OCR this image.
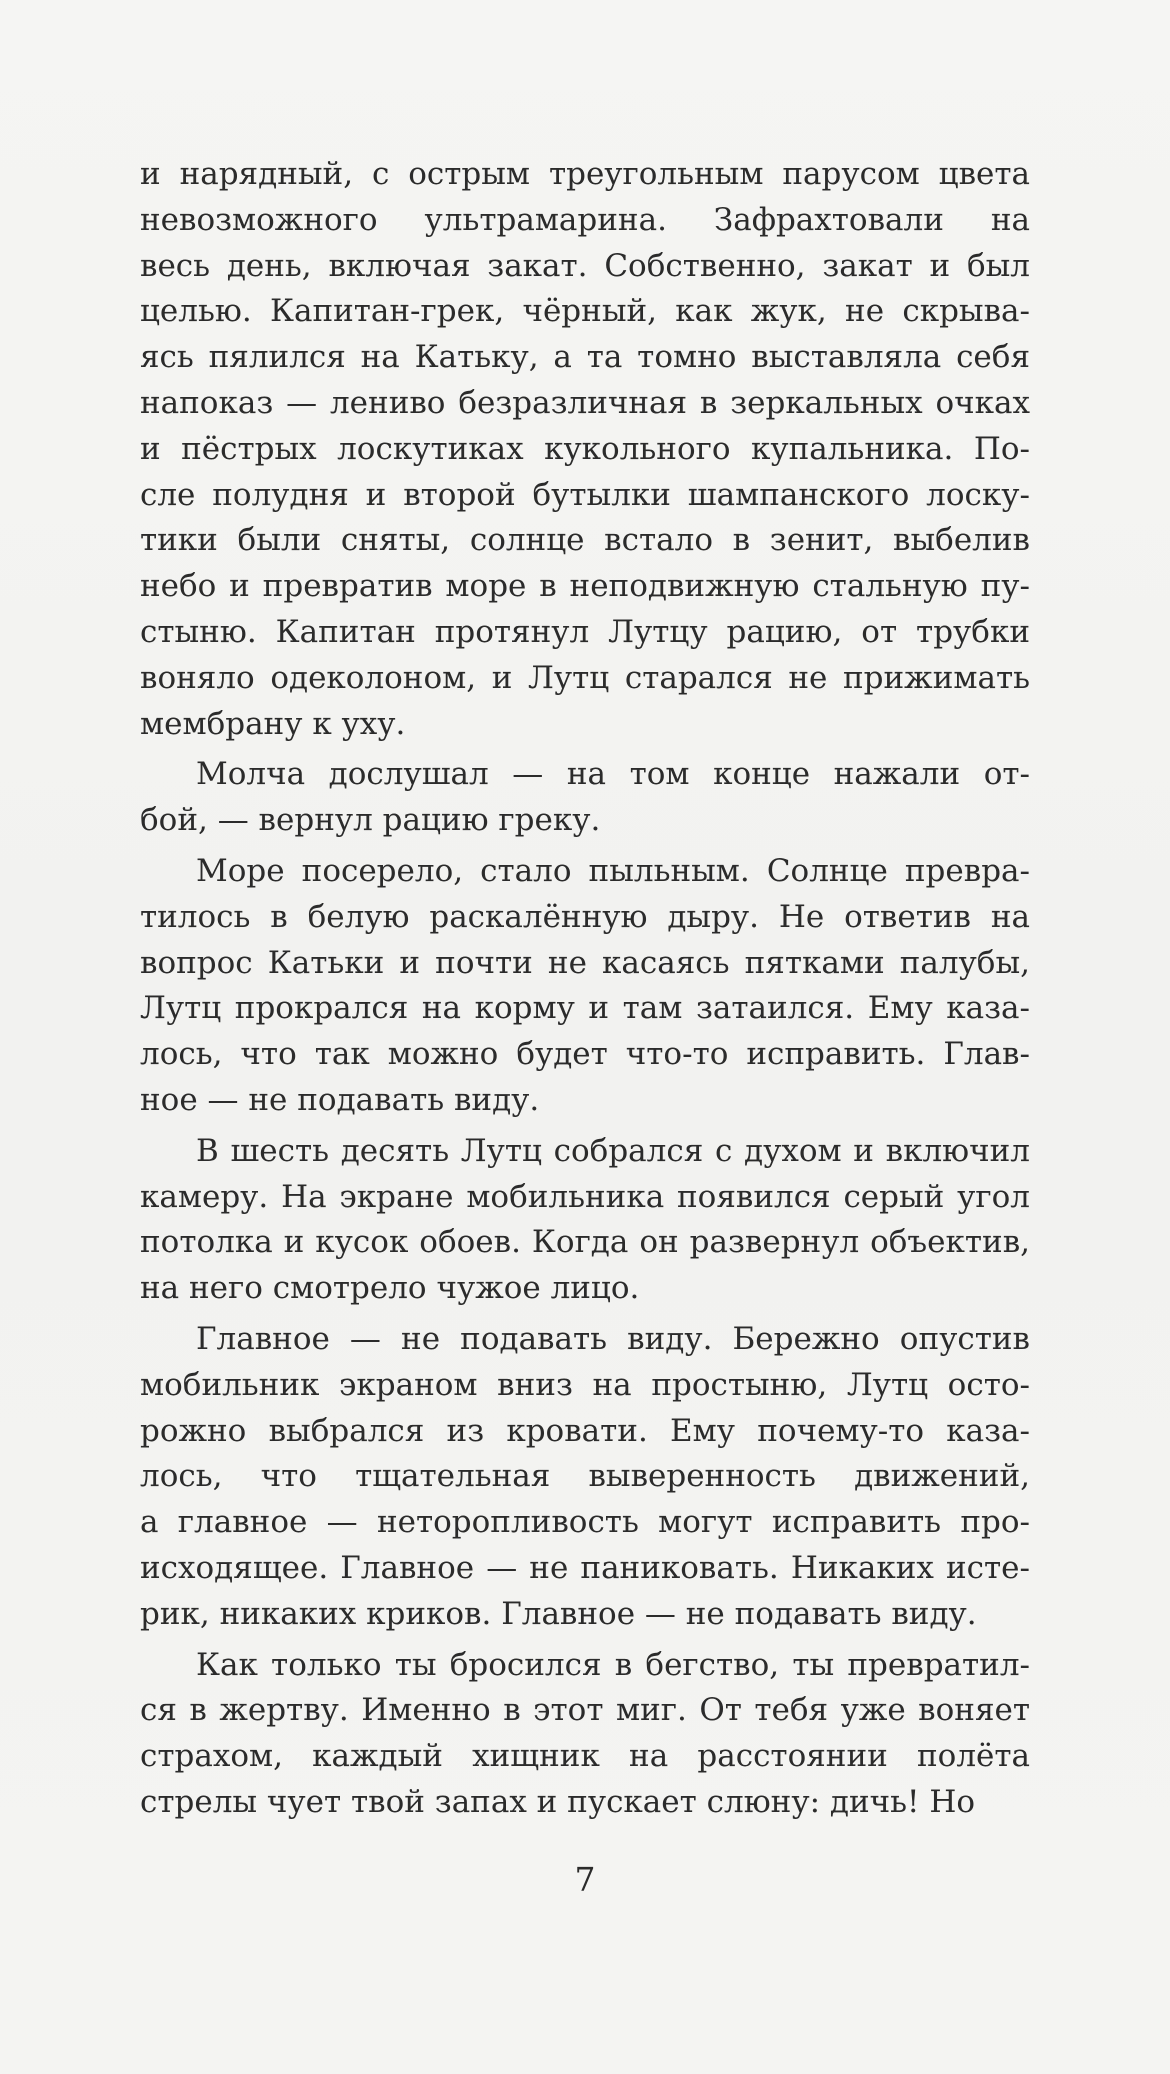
и нарядный, с острым треугольным парусом цвета
невозможного ультрамарина. Зафрахтовали на
весь день, включая закат. Собственно, закат и был
целью. Капитан-грек, чёрный, как жук, не скрыва-
ясь пялился на Катьку, а та томно выставляла себя
напоказ — лениво безразличная в зеркальных очках
и пёстрых лоскутиках кукольного купальника. По-
сле полудня и второй бутылки шампанского лоску-
тики были сняты, солнце встало в зенит, выбелив
небо и превратив море в неподвижную стальную пу-
стыню. Капитан протянул Лутцу рацию, от трубки
воняло одеколоном, и Лутц старался не прижимать
мембрану к уху.
Молча дослушал — на том конце нажали от-
бой, — вернул рацию греку.
Море посерело, стало пыльным. Солнце превра-
тилось в белую раскалённую дыру. Не ответив на
вопрос Катьки и почти не касаясь пятками палубы,
Лутц прокрался на корму и там затаился. Ему каза-
лось, что так можно будет что-то исправить. Глав-
ное — не подавать виду.
В шесть десять Лутц собрался с духом и включил
камеру. На экране мобильника появился серый угол
потолка и кусок обоев. Когда он развернул объектив,
на него смотрело чужое лицо.
Главное — не подавать виду. Бережно опустив
мобильник экраном вниз на простыню, Лутц осто-
рожно выбрался из кровати. Ему почему-то каза-
лось, что тщательная выверенность движений,
а главное — неторопливость могут исправить про-
исходящее. Главное — не паниковать. Никаких исте-
рик, никаких криков. Главное — не подавать виду.
Как только ты бросился в бегство, ты превратил-
ся в жертву. Именно в этот миг. От тебя уже воняет
страхом, каждый хищник на расстоянии полёта
стрелы чует твой запах и пускает слюну: дичь! Но
7
